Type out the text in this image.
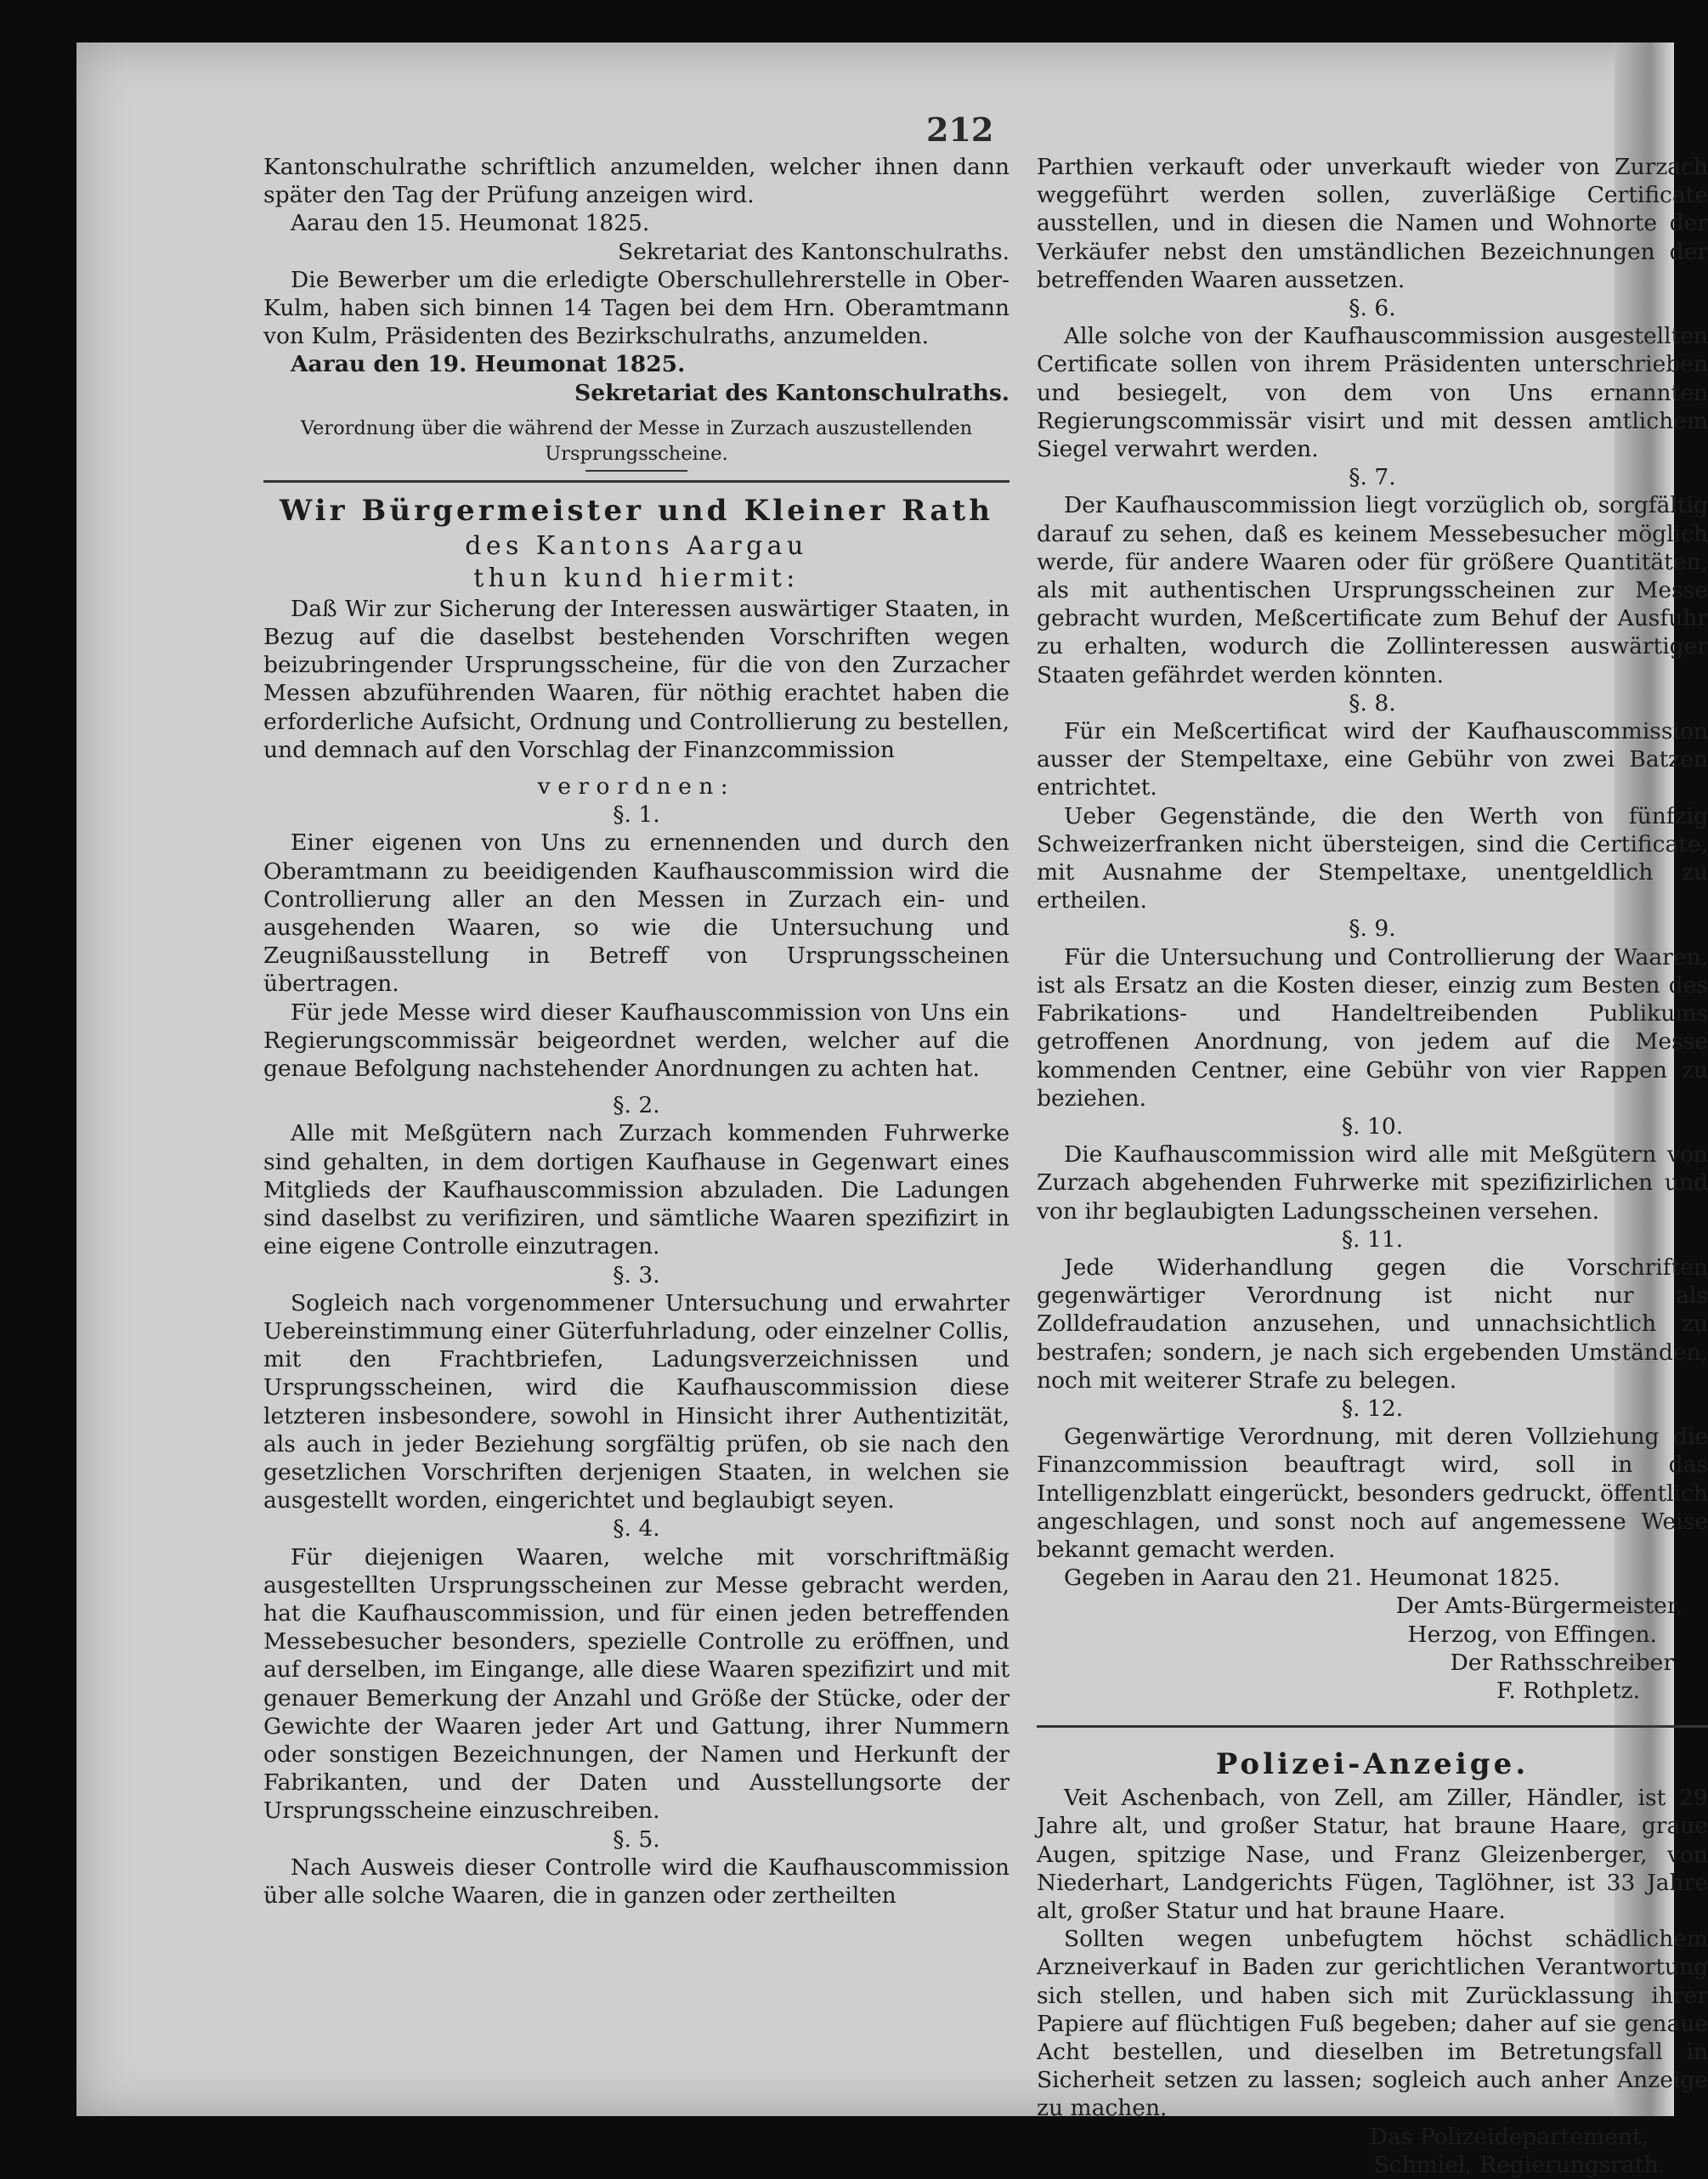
212

Kantonschulrathe schriftlich anzumelden, welcher ihnen dann später den Tag der Prüfung anzeigen wird.

Aarau den 15. Heumonat 1825.

Sekretariat des Kantonschulraths.

Die Bewerber um die erledigte Oberschullehrerstelle in Ober-Kulm, haben sich binnen 14 Tagen bei dem Hrn. Oberamtmann von Kulm, Präsidenten des Bezirkschulraths, anzumelden.

Aarau den 19. Heumonat 1825.

Sekretariat des Kantonschulraths.

Verordnung über die während der Messe in Zurzach auszustellenden Ursprungsscheine.

Wir Bürgermeister und Kleiner Rath

des Kantons Aargau

thun kund hiermit:

Daß Wir zur Sicherung der Interessen auswärtiger Staaten, in Bezug auf die daselbst bestehenden Vorschriften wegen beizubringender Ursprungsscheine, für die von den Zurzacher Messen abzuführenden Waaren, für nöthig erachtet haben die erforderliche Aufsicht, Ordnung und Controllierung zu bestellen, und demnach auf den Vorschlag der Finanzcommission

verordnen:

§. 1.

Einer eigenen von Uns zu ernennenden und durch den Oberamtmann zu beeidigenden Kaufhauscommission wird die Controllierung aller an den Messen in Zurzach ein- und ausgehenden Waaren, so wie die Untersuchung und Zeugnißausstellung in Betreff von Ursprungsscheinen übertragen.

Für jede Messe wird dieser Kaufhauscommission von Uns ein Regierungscommissär beigeordnet werden, welcher auf die genaue Befolgung nachstehender Anordnungen zu achten hat.

§. 2.

Alle mit Meßgütern nach Zurzach kommenden Fuhrwerke sind gehalten, in dem dortigen Kaufhause in Gegenwart eines Mitglieds der Kaufhauscommission abzuladen. Die Ladungen sind daselbst zu verifiziren, und sämtliche Waaren spezifizirt in eine eigene Controlle einzutragen.

§. 3.

Sogleich nach vorgenommener Untersuchung und erwahrter Uebereinstimmung einer Güterfuhrladung, oder einzelner Collis, mit den Frachtbriefen, Ladungsverzeichnissen und Ursprungsscheinen, wird die Kaufhauscommission diese letzteren insbesondere, sowohl in Hinsicht ihrer Authentizität, als auch in jeder Beziehung sorgfältig prüfen, ob sie nach den gesetzlichen Vorschriften derjenigen Staaten, in welchen sie ausgestellt worden, eingerichtet und beglaubigt seyen.

§. 4.

Für diejenigen Waaren, welche mit vorschriftmäßig ausgestellten Ursprungsscheinen zur Messe gebracht werden, hat die Kaufhauscommission, und für einen jeden betreffenden Messebesucher besonders, spezielle Controlle zu eröffnen, und auf derselben, im Eingange, alle diese Waaren spezifizirt und mit genauer Bemerkung der Anzahl und Größe der Stücke, oder der Gewichte der Waaren jeder Art und Gattung, ihrer Nummern oder sonstigen Bezeichnungen, der Namen und Herkunft der Fabrikanten, und der Daten und Ausstellungsorte der Ursprungsscheine einzuschreiben.

§. 5.

Nach Ausweis dieser Controlle wird die Kaufhauscommission über alle solche Waaren, die in ganzen oder zertheilten

Parthien verkauft oder unverkauft wieder von Zurzach weggeführt werden sollen, zuverläßige Certificate ausstellen, und in diesen die Namen und Wohnorte der Verkäufer nebst den umständlichen Bezeichnungen der betreffenden Waaren aussetzen.

§. 6.

Alle solche von der Kaufhauscommission ausgestellten Certificate sollen von ihrem Präsidenten unterschrieben und besiegelt, von dem von Uns ernannten Regierungscommissär visirt und mit dessen amtlichem Siegel verwahrt werden.

§. 7.

Der Kaufhauscommission liegt vorzüglich ob, sorgfältig darauf zu sehen, daß es keinem Messebesucher möglich werde, für andere Waaren oder für größere Quantitäten, als mit authentischen Ursprungsscheinen zur Messe gebracht wurden, Meßcertificate zum Behuf der Ausfuhr zu erhalten, wodurch die Zollinteressen auswärtiger Staaten gefährdet werden könnten.

§. 8.

Für ein Meßcertificat wird der Kaufhauscommission ausser der Stempeltaxe, eine Gebühr von zwei Batzen entrichtet.

Ueber Gegenstände, die den Werth von fünfzig Schweizerfranken nicht übersteigen, sind die Certificate, mit Ausnahme der Stempeltaxe, unentgeldlich zu ertheilen.

§. 9.

Für die Untersuchung und Controllierung der Waaren, ist als Ersatz an die Kosten dieser, einzig zum Besten des Fabrikations- und Handeltreibenden Publikums getroffenen Anordnung, von jedem auf die Messe kommenden Centner, eine Gebühr von vier Rappen zu beziehen.

§. 10.

Die Kaufhauscommission wird alle mit Meßgütern von Zurzach abgehenden Fuhrwerke mit spezifizirlichen und von ihr beglaubigten Ladungsscheinen versehen.

§. 11.

Jede Widerhandlung gegen die Vorschriften gegenwärtiger Verordnung ist nicht nur als Zolldefraudation anzusehen, und unnachsichtlich zu bestrafen; sondern, je nach sich ergebenden Umständen, noch mit weiterer Strafe zu belegen.

§. 12.

Gegenwärtige Verordnung, mit deren Vollziehung die Finanzcommission beauftragt wird, soll in das Intelligenzblatt eingerückt, besonders gedruckt, öffentlich angeschlagen, und sonst noch auf angemessene Weise bekannt gemacht werden.

Gegeben in Aarau den 21. Heumonat 1825.

Der Amts-Bürgermeister,

Herzog, von Effingen.

Der Rathsschreiber

F. Rothpletz.

Polizei-Anzeige.

Veit Aschenbach, von Zell, am Ziller, Händler, ist 29 Jahre alt, und großer Statur, hat braune Haare, graue Augen, spitzige Nase, und Franz Gleizenberger, von Niederhart, Landgerichts Fügen, Taglöhner, ist 33 Jahre alt, großer Statur und hat braune Haare.

Sollten wegen unbefugtem höchst schädlichem Arzneiverkauf in Baden zur gerichtlichen Verantwortung sich stellen, und haben sich mit Zurücklassung ihrer Papiere auf flüchtigen Fuß begeben; daher auf sie genaue Acht bestellen, und dieselben im Betretungsfall in Sicherheit setzen zu lassen; sogleich auch anher Anzeige zu machen.

Das Polizeidepartement,

Schmiel, Regierungsrath.
